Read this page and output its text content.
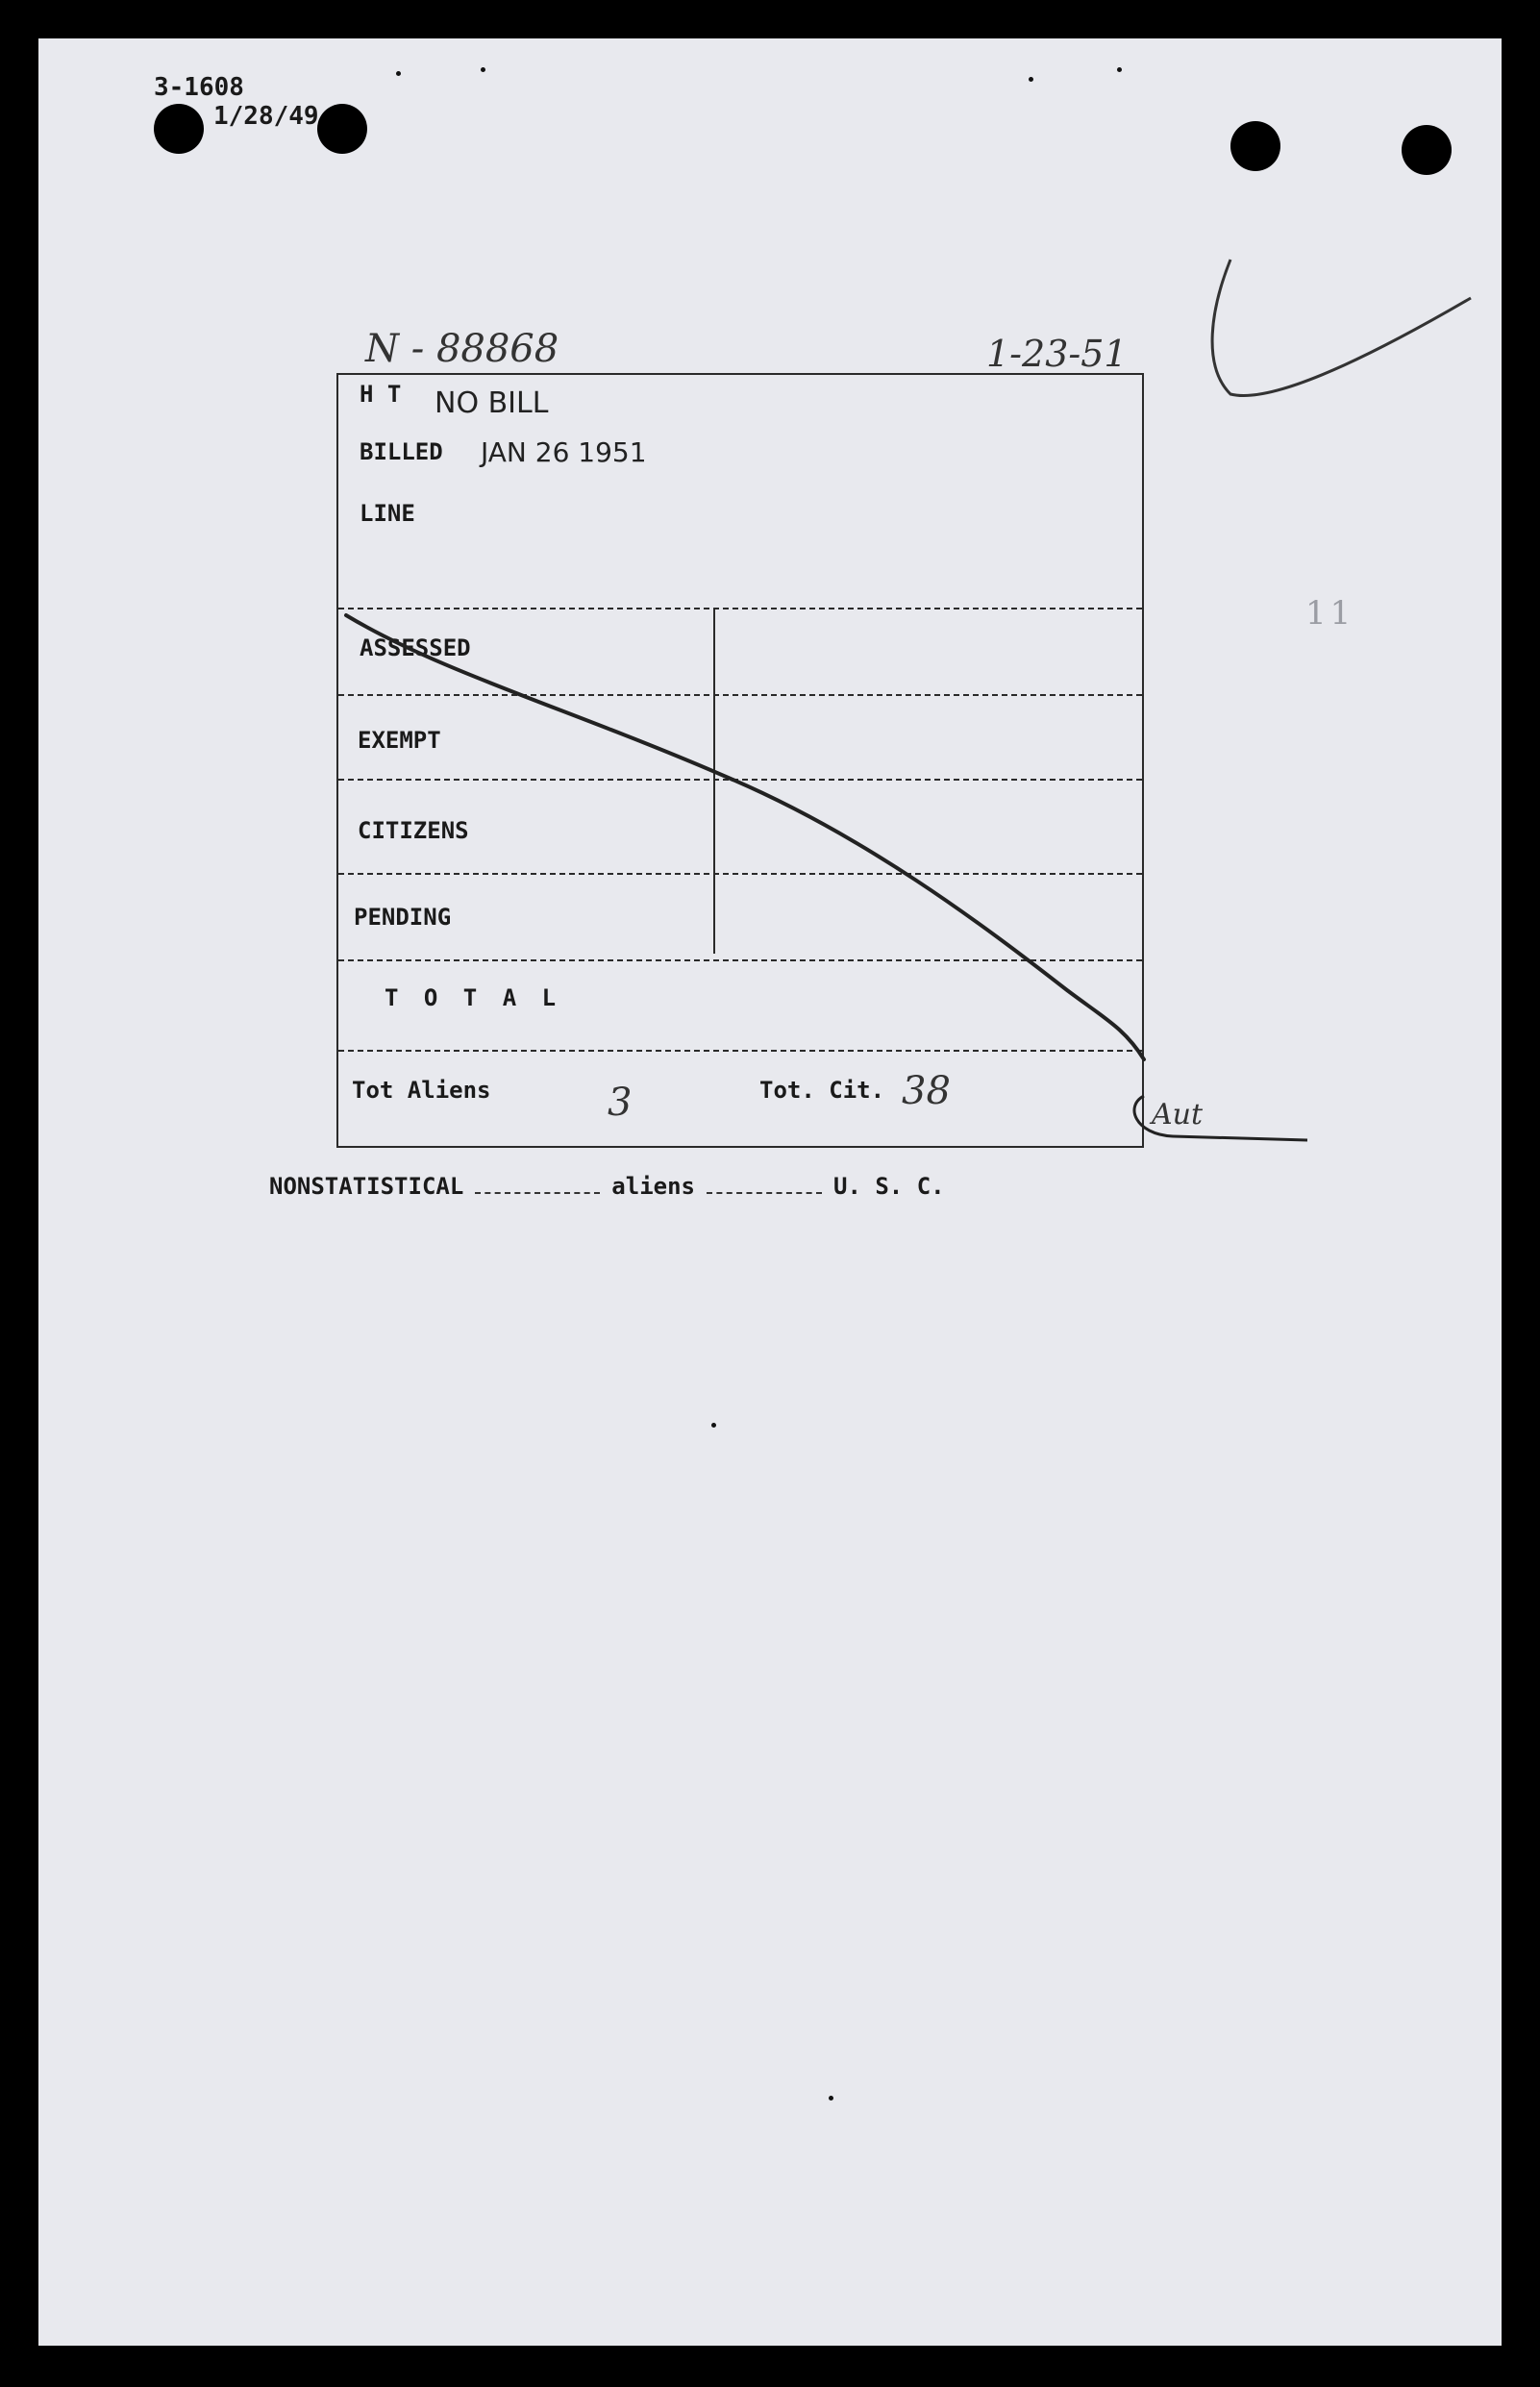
3-1608
1/28/49
N - 88868	1-23-51
11
H T NO BILL
BILLED JAN 26 1951
LINE
ASSESSED
EXEMPT
CITIZENS
PENDING
T O T A L
Tot Aliens	3	Tot. Cit. 38
Aut
NONSTATISTICAL	aliens	U. S. C.
